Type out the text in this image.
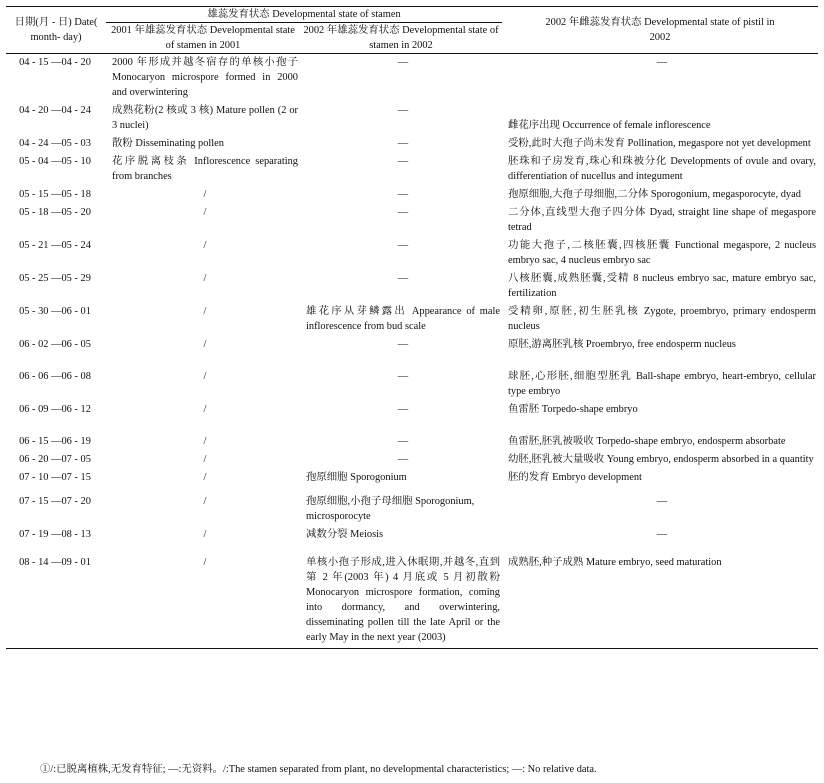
日期(月 - 日) Date( month- day)	雄蕊发育状态 Developmental state of stamen		2002 年雌蕊发育状态 Developmental state of pistil in 2002
	2001 年雄蕊发育状态 Developmental state of stamen in 2001	2002 年雄蕊发育状态 Developmental state of stamen in 2002	
04 - 15 —04 - 20	2000 年形成并越冬宿存的单核小孢子 Monocaryon microspore formed in 2000 and overwintering	—	—
04 - 20 —04 - 24	成熟花粉(2 核或 3 核) Mature pollen (2 or 3 nuclei)	—	雌花序出现 Occurrence of female inflorescence
04 - 24 —05 - 03	散粉 Disseminating pollen	—	受粉,此时大孢子尚未发育 Pollination, megaspore not yet development
05 - 04 —05 - 10	花序脱离枝条 Inflorescence separating from branches	—	胚珠和子房发育,珠心和珠被分化 Developments of ovule and ovary, differentiation of nucellus and integument
05 - 15 —05 - 18	/	—	孢原细胞,大孢子母细胞,二分体 Sporogonium, megasporocyte, dyad
05 - 18 —05 - 20	/	—	二分体,直线型大孢子四分体 Dyad, straight line shape of megaspore tetrad
05 - 21 —05 - 24	/	—	功能大孢子,二核胚囊,四核胚囊 Functional megaspore, 2 nucleus embryo sac, 4 nucleus embryo sac
05 - 25 —05 - 29	/	—	八核胚囊,成熟胚囊,受精 8 nucleus embryo sac, mature embryo sac, fertilization
05 - 30 —06 - 01	/	雄花序从芽鳞露出 Appearance of male inflorescence from bud scale	受精卵,原胚,初生胚乳核 Zygote, proembryo, primary endosperm nucleus
06 - 02 —06 - 05	/	—	原胚,游离胚乳核 Proembryo, free endosperm nucleus
06 - 06 —06 - 08	/	—	球胚,心形胚,细胞型胚乳 Ball-shape embryo, heart-embryo, cellular type embryo
06 - 09 —06 - 12	/	—	鱼雷胚 Torpedo-shape embryo
06 - 15 —06 - 19	/	—	鱼雷胚,胚乳被吸收 Torpedo-shape embryo, endosperm absorbate
06 - 20 —07 - 05	/	—	幼胚,胚乳被大量吸收 Young embryo, endosperm absorbed in a quantity
07 - 10 —07 - 15	/	孢原细胞 Sporogonium	胚的发育 Embryo development
07 - 15 —07 - 20	/	孢原细胞,小孢子母细胞 Sporogonium, microsporocyte	—
07 - 19 —08 - 13	/	减数分裂 Meiosis	—
08 - 14 —09 - 01	/	单核小孢子形成,进入休眠期,并越冬,直到第 2 年(2003 年) 4 月底或 5 月初散粉 Monocaryon microspore formation, coming into dormancy, and overwintering, disseminating pollen till the late April or the early May in the next year (2003)	成熟胚,种子成熟 Mature embryo, seed maturation
①/:已脱离植株,无发育特征; —:无资料。/:The stamen separated from plant, no developmental characteristics; —: No relative data.
